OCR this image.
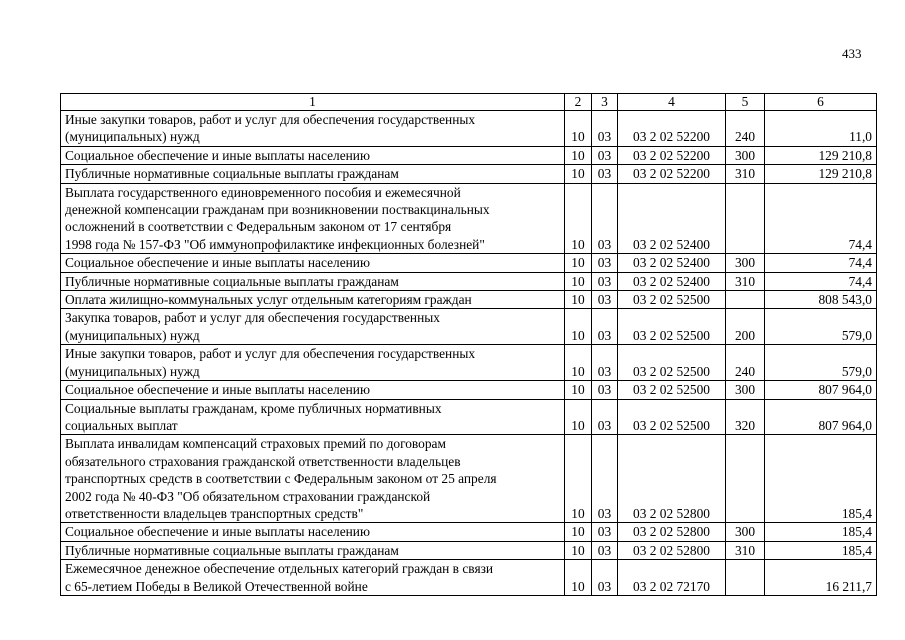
433
1	2	3	4	5	6
Иные закупки товаров, работ и услуг для обеспечения государственных
(муниципальных) нужд	10	03	03 2 02 52200	240	11,0
Социальное обеспечение и иные выплаты населению	10	03	03 2 02 52200	300	129 210,8
Публичные нормативные социальные выплаты гражданам	10	03	03 2 02 52200	310	129 210,8
Выплата государственного единовременного пособия и ежемесячной
денежной компенсации гражданам при возникновении поствакцинальных
осложнений в соответствии с Федеральным законом от 17 сентября
1998 года № 157-ФЗ "Об иммунопрофилактике инфекционных болезней"	10	03	03 2 02 52400		74,4
Социальное обеспечение и иные выплаты населению	10	03	03 2 02 52400	300	74,4
Публичные нормативные социальные выплаты гражданам	10	03	03 2 02 52400	310	74,4
Оплата жилищно-коммунальных услуг отдельным категориям граждан	10	03	03 2 02 52500		808 543,0
Закупка товаров, работ и услуг для обеспечения государственных
(муниципальных) нужд	10	03	03 2 02 52500	200	579,0
Иные закупки товаров, работ и услуг для обеспечения государственных
(муниципальных) нужд	10	03	03 2 02 52500	240	579,0
Социальное обеспечение и иные выплаты населению	10	03	03 2 02 52500	300	807 964,0
Социальные выплаты гражданам, кроме публичных нормативных
социальных выплат	10	03	03 2 02 52500	320	807 964,0
Выплата инвалидам компенсаций страховых премий по договорам
обязательного страхования гражданской ответственности владельцев
транспортных средств в соответствии с Федеральным законом от 25 апреля
2002 года № 40-ФЗ "Об обязательном страховании гражданской
ответственности владельцев транспортных средств"	10	03	03 2 02 52800		185,4
Социальное обеспечение и иные выплаты населению	10	03	03 2 02 52800	300	185,4
Публичные нормативные социальные выплаты гражданам	10	03	03 2 02 52800	310	185,4
Ежемесячное денежное обеспечение отдельных категорий граждан в связи
с 65-летием Победы в Великой Отечественной войне	10	03	03 2 02 72170		16 211,7
